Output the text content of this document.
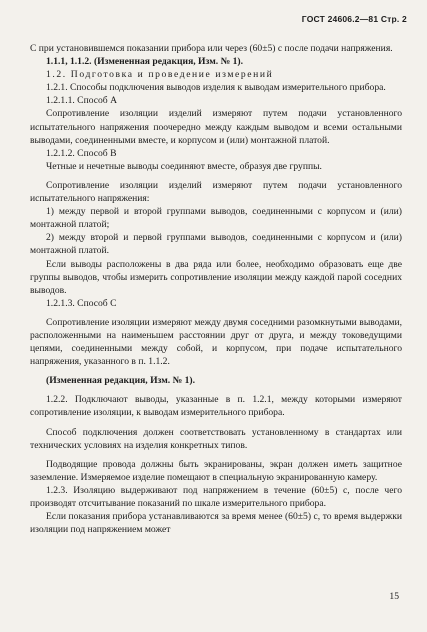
ГОСТ 24606.2—81 Стр. 2

С при установившемся показании прибора или через (60±5) с после подачи напряжения.

1.1.1, 1.1.2. (Измененная редакция, Изм. № 1).

1.2. Подготовка и проведение измерений

1.2.1. Способы подключения выводов изделия к выводам измерительного прибора.

1.2.1.1. Способ А

Сопротивление изоляции изделий измеряют путем подачи установленного испытательного напряжения поочередно между каждым выводом и всеми остальными выводами, соединенными вместе, и корпусом и (или) монтажной платой.

1.2.1.2. Способ В

Четные и нечетные выводы соединяют вместе, образуя две группы.

Сопротивление изоляции изделий измеряют путем подачи установленного испытательного напряжения:

1) между первой и второй группами выводов, соединенными с корпусом и (или) монтажной платой;

2) между второй и первой группами выводов, соединенными с корпусом и (или) монтажной платой.

Если выводы расположены в два ряда или более, необходимо образовать еще две группы выводов, чтобы измерить сопротивление изоляции между каждой парой соседних выводов.

1.2.1.3. Способ С

Сопротивление изоляции измеряют между двумя соседними разомкнутыми выводами, расположенными на наименьшем расстоянии друг от друга, и между токоведущими цепями, соединенными между собой, и корпусом, при подаче испытательного напряжения, указанного в п. 1.1.2.

(Измененная редакция, Изм. № 1).

1.2.2. Подключают выводы, указанные в п. 1.2.1, между которыми измеряют сопротивление изоляции, к выводам измерительного прибора.

Способ подключения должен соответствовать установленному в стандартах или технических условиях на изделия конкретных типов.

Подводящие провода должны быть экранированы, экран должен иметь защитное заземление. Измеряемое изделие помещают в специальную экранированную камеру.

1.2.3. Изоляцию выдерживают под напряжением в течение (60±5) с, после чего производят отсчитывание показаний по шкале измерительного прибора.

Если показания прибора устанавливаются за время менее (60±5) с, то время выдержки изоляции под напряжением может

15
